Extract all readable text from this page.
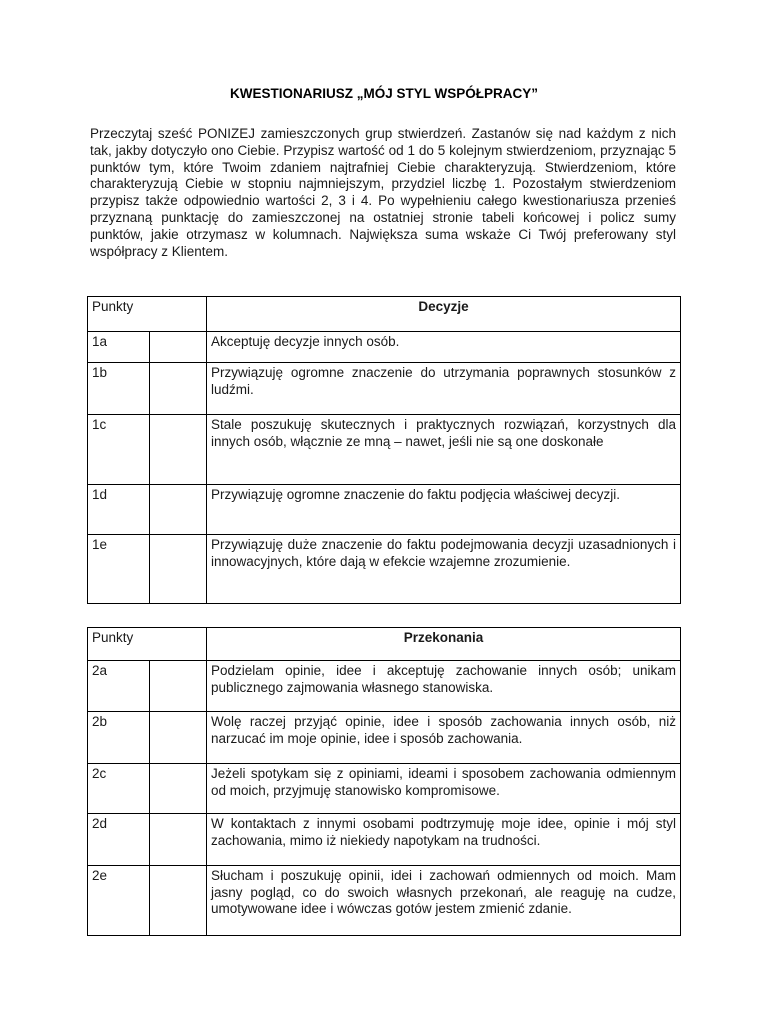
KWESTIONARIUSZ „MÓJ STYL WSPÓŁPRACY”
Przeczytaj sześć PONIZEJ zamieszczonych grup stwierdzeń. Zastanów się nad każdym z nich tak, jakby dotyczyło ono Ciebie. Przypisz wartość od 1 do 5 kolejnym stwierdzeniom, przyznając 5 punktów tym, które Twoim zdaniem najtrafniej Ciebie charakteryzują. Stwierdzeniom, które charakteryzują Ciebie w stopniu najmniejszym, przydziel liczbę 1. Pozostałym stwierdzeniom przypisz także odpowiednio wartości 2, 3 i 4. Po wypełnieniu całego kwestionariusza przenieś przyznaną punktację do zamieszczonej na ostatniej stronie tabeli końcowej i policz sumy punktów, jakie otrzymasz w kolumnach. Największa suma wskaże Ci Twój preferowany styl współpracy z Klientem.
Punkty		Decyzje
1a		Akceptuję decyzje innych osób.
1b		Przywiązuję ogromne znaczenie do utrzymania poprawnych stosunków z ludźmi.
1c		Stale poszukuję skutecznych i praktycznych rozwiązań, korzystnych dla innych osób, włącznie ze mną – nawet, jeśli nie są one doskonałe
1d		Przywiązuję ogromne znaczenie do faktu podjęcia właściwej decyzji.
1e		Przywiązuję duże znaczenie do faktu podejmowania decyzji uzasadnionych i innowacyjnych, które dają w efekcie wzajemne zrozumienie.
Punkty		Przekonania
2a		Podzielam opinie, idee i akceptuję zachowanie innych osób; unikam publicznego zajmowania własnego stanowiska.
2b		Wolę raczej przyjąć opinie, idee i sposób zachowania innych osób, niż narzucać im moje opinie, idee i sposób zachowania.
2c		Jeżeli spotykam się z opiniami, ideami i sposobem zachowania odmiennym od moich, przyjmuję stanowisko kompromisowe.
2d		W kontaktach z innymi osobami podtrzymuję moje idee, opinie i mój styl zachowania, mimo iż niekiedy napotykam na trudności.
2e		Słucham i poszukuję opinii, idei i zachowań odmiennych od moich. Mam jasny pogląd, co do swoich własnych przekonań, ale reaguję na cudze, umotywowane idee i wówczas gotów jestem zmienić zdanie.
